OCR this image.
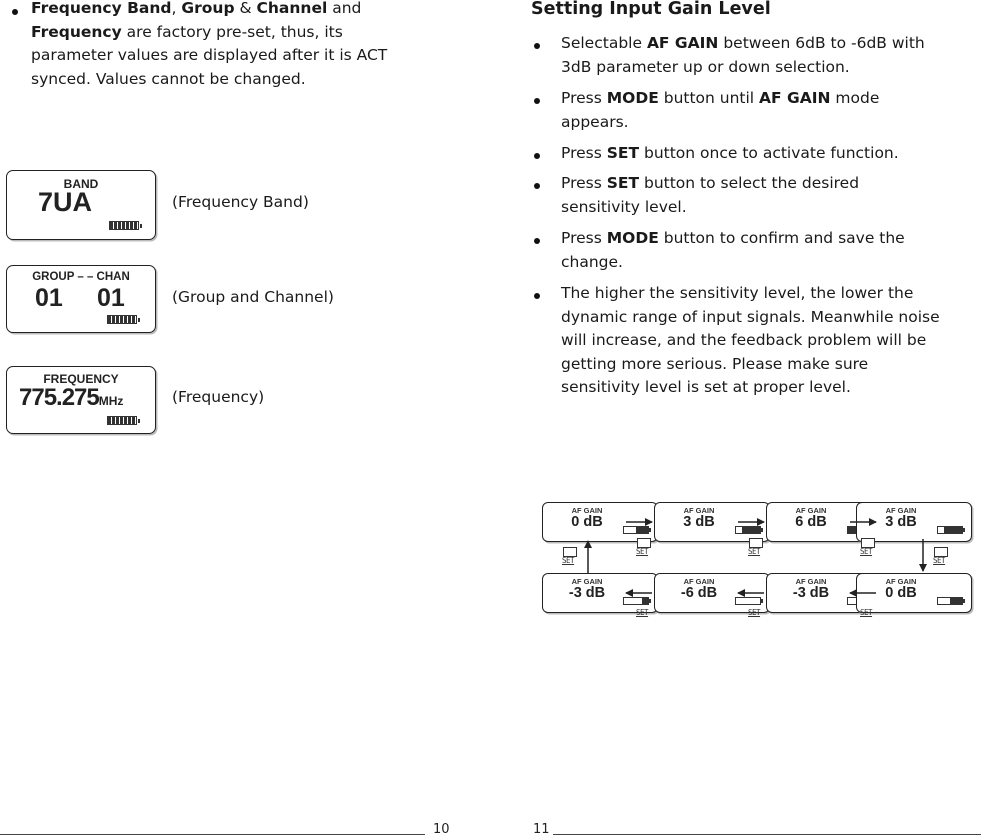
Frequency Band, Group & Channel and
Frequency are factory pre-set, thus, its
parameter values are displayed after it is ACT
synced. Values cannot be changed.
BAND
7UA	(Frequency Band)
GROUP – – CHAN
01 01	(Group and Channel)
FREQUENCY
775.275MHz	(Frequency)
10
Setting Input Gain Level
Selectable AF GAIN between 6dB to -6dB with
3dB parameter up or down selection.
Press MODE button until AF GAIN mode
appears.
Press SET button once to activate function.
Press SET button to select the desired
sensitivity level.
Press MODE button to confirm and save the
change.
The higher the sensitivity level, the lower the
dynamic range of input signals. Meanwhile noise
will increase, and the feedback problem will be
getting more serious. Please make sure
sensitivity level is set at proper level.
AF GAIN
0 dB
AF GAIN
3 dB
AF GAIN
6 dB
AF GAIN
3 dB
AF GAIN
-3 dB
AF GAIN
-6 dB
AF GAIN
-3 dB
AF GAIN
0 dB
SET	SET	SET
SET
SET
SET	SET	SET
11
